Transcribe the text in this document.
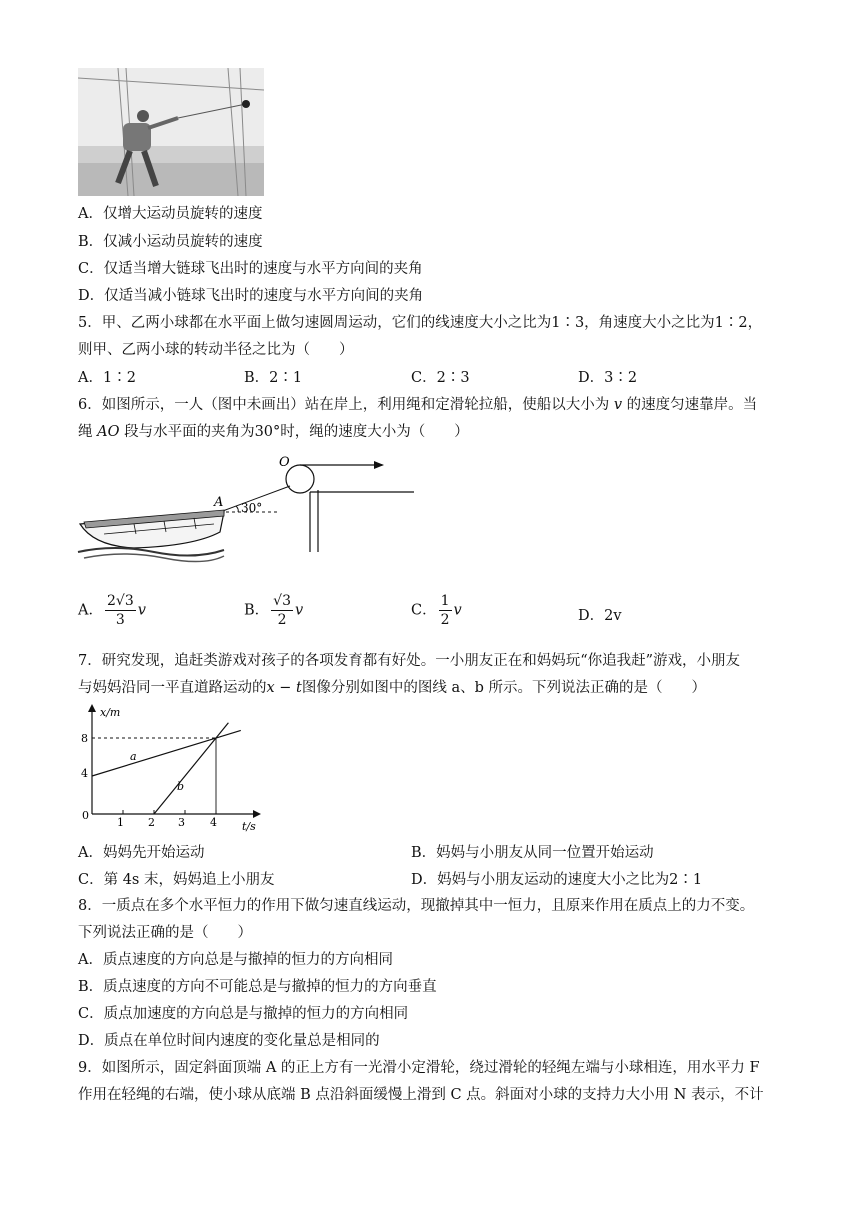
A．仅增大运动员旋转的速度
B．仅减小运动员旋转的速度
C．仅适当增大链球飞出时的速度与水平方向间的夹角
D．仅适当减小链球飞出时的速度与水平方向间的夹角
5．甲、乙两小球都在水平面上做匀速圆周运动，它们的线速度大小之比为1∶3，角速度大小之比为1∶2，
则甲、乙两小球的转动半径之比为（　　）
A．1∶2	B．2∶1	C．2∶3	D．3∶2
6．如图所示，一人（图中未画出）站在岸上，利用绳和定滑轮拉船，使船以大小为 v 的速度匀速靠岸。当
绳 AO 段与水平面的夹角为30°时，绳的速度大小为（　　）
O
30°
A
A． $\frac{2√3}{3}$ v	B． $\frac{√3}{2}$ v	C． $\frac{1}{2}$ v	D．2v
7．研究发现，追赶类游戏对孩子的各项发育都有好处。一小朋友正在和妈妈玩“你追我赶”游戏，小朋友
与妈妈沿同一平直道路运动的x − t图像分别如图中的图线 a、b 所示。下列说法正确的是（　　）
x/m
t/s
8
4
0
1 2 3 4
a
b
A．妈妈先开始运动	B．妈妈与小朋友从同一位置开始运动
C．第 4s 末，妈妈追上小朋友	D．妈妈与小朋友运动的速度大小之比为2∶1
8．一质点在多个水平恒力的作用下做匀速直线运动，现撤掉其中一恒力，且原来作用在质点上的力不变。
下列说法正确的是（　　）
A．质点速度的方向总是与撤掉的恒力的方向相同
B．质点速度的方向不可能总是与撤掉的恒力的方向垂直
C．质点加速度的方向总是与撤掉的恒力的方向相同
D．质点在单位时间内速度的变化量总是相同的
9．如图所示，固定斜面顶端 A 的正上方有一光滑小定滑轮，绕过滑轮的轻绳左端与小球相连，用水平力 F
作用在轻绳的右端，使小球从底端 B 点沿斜面缓慢上滑到 C 点。斜面对小球的支持力大小用 N 表示，不计
